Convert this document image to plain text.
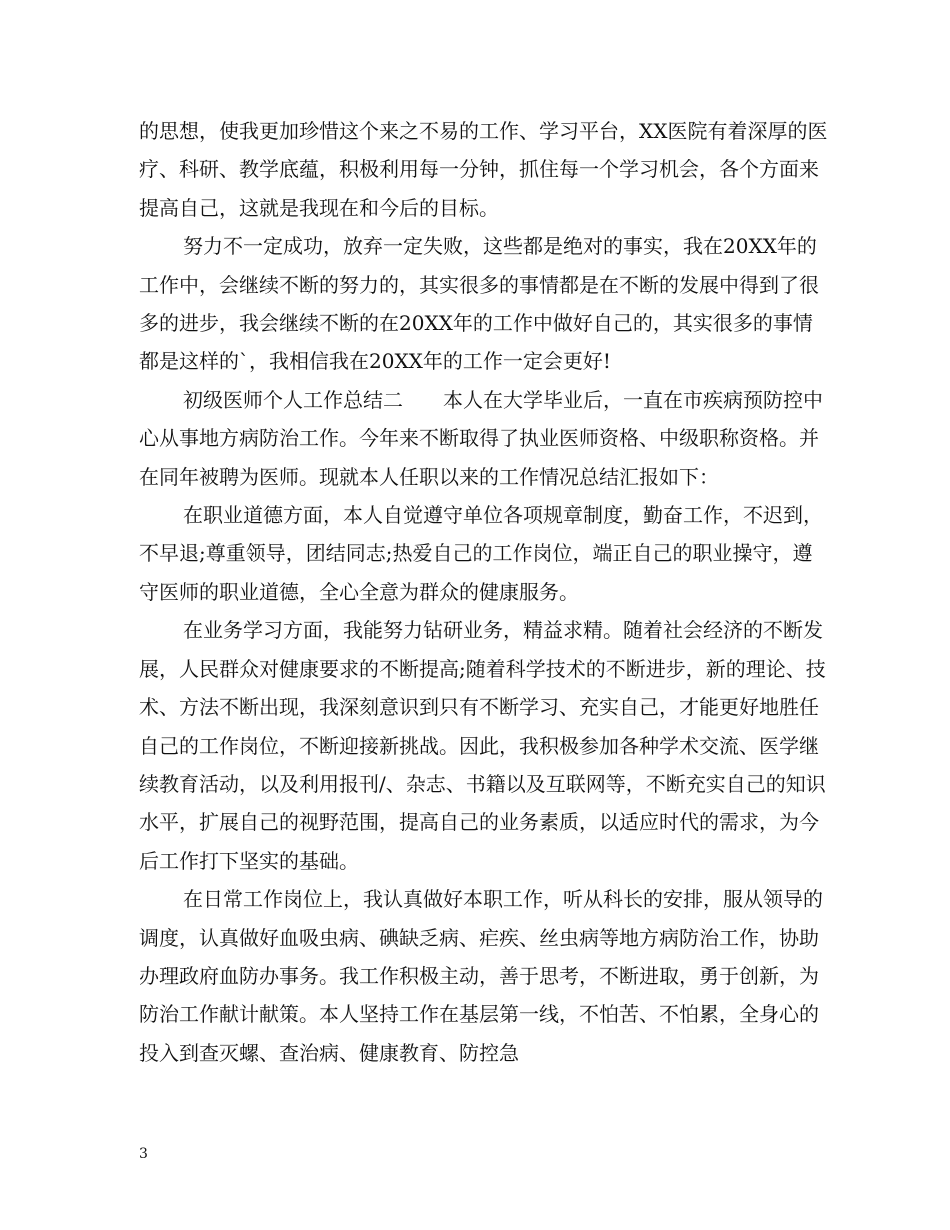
的思想，使我更加珍惜这个来之不易的工作、学习平台，XX医院有着深厚的医疗、科研、教学底蕴，积极利用每一分钟，抓住每一个学习机会，各个方面来提高自己，这就是我现在和今后的目标。

努力不一定成功，放弃一定失败，这些都是绝对的事实，我在20XX年的工作中，会继续不断的努力的，其实很多的事情都是在不断的发展中得到了很多的进步，我会继续不断的在20XX年的工作中做好自己的，其实很多的事情都是这样的`，我相信我在20XX年的工作一定会更好!

初级医师个人工作总结二　　本人在大学毕业后，一直在市疾病预防控中心从事地方病防治工作。今年来不断取得了执业医师资格、中级职称资格。并在同年被聘为医师。现就本人任职以来的工作情况总结汇报如下：

在职业道德方面，本人自觉遵守单位各项规章制度，勤奋工作，不迟到，不早退;尊重领导，团结同志;热爱自己的工作岗位，端正自己的职业操守，遵守医师的职业道德，全心全意为群众的健康服务。

在业务学习方面，我能努力钻研业务，精益求精。随着社会经济的不断发展，人民群众对健康要求的不断提高;随着科学技术的不断进步，新的理论、技术、方法不断出现，我深刻意识到只有不断学习、充实自己，才能更好地胜任自己的工作岗位，不断迎接新挑战。因此，我积极参加各种学术交流、医学继续教育活动，以及利用报刊/、杂志、书籍以及互联网等，不断充实自己的知识水平，扩展自己的视野范围，提高自己的业务素质，以适应时代的需求，为今后工作打下坚实的基础。

在日常工作岗位上，我认真做好本职工作，听从科长的安排，服从领导的调度，认真做好血吸虫病、碘缺乏病、疟疾、丝虫病等地方病防治工作，协助办理政府血防办事务。我工作积极主动，善于思考，不断进取，勇于创新，为防治工作献计献策。本人坚持工作在基层第一线，不怕苦、不怕累，全身心的投入到查灭螺、查治病、健康教育、防控急

3
